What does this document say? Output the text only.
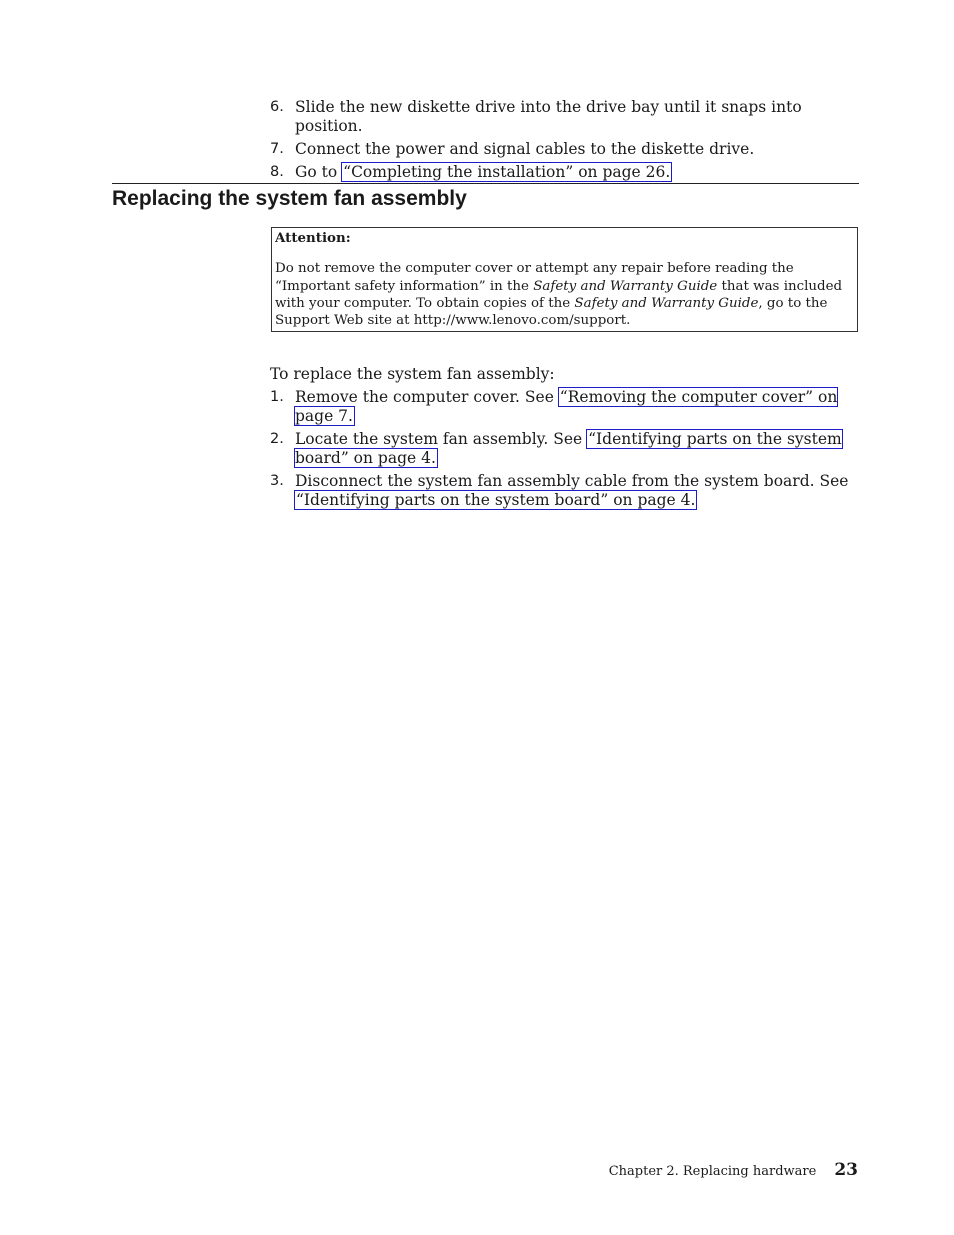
6. Slide the new diskette drive into the drive bay until it snaps into position.
7. Connect the power and signal cables to the diskette drive.
8. Go to “Completing the installation” on page 26.
Replacing the system fan assembly

Attention:

Do not remove the computer cover or attempt any repair before reading the “Important safety information” in the Safety and Warranty Guide that was included with your computer. To obtain copies of the Safety and Warranty Guide, go to the Support Web site at http://www.lenovo.com/support.

To replace the system fan assembly:

1. Remove the computer cover. See “Removing the computer cover” on page 7.
2. Locate the system fan assembly. See “Identifying parts on the system board” on page 4.
3. Disconnect the system fan assembly cable from the system board. See “Identifying parts on the system board” on page 4.
Chapter 2. Replacing hardware 23
